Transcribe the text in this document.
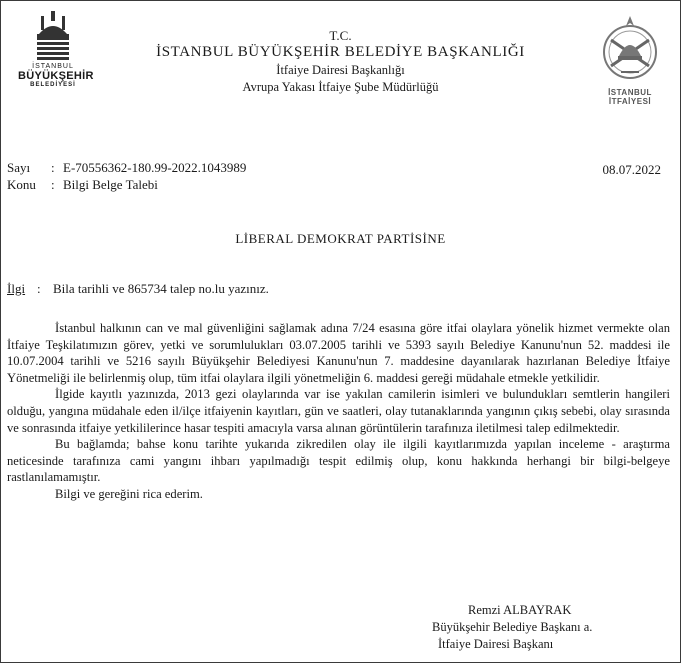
İSTANBUL
BÜYÜKŞEHİR
BELEDİYESİ
İSTANBUL
İTFAİYESİ
T.C.
İSTANBUL BÜYÜKŞEHİR BELEDİYE BAŞKANLIĞI
İtfaiye Dairesi Başkanlığı
Avrupa Yakası İtfaiye Şube Müdürlüğü
Sayı : E-70556362-180.99-2022.1043989
Konu : Bilgi Belge Talebi
08.07.2022
LİBERAL DEMOKRAT PARTİSİNE
İlgi : Bila tarihli ve 865734 talep no.lu yazınız.

İstanbul halkının can ve mal güvenliğini sağlamak adına 7/24 esasına göre itfai olaylara yönelik hizmet vermekte olan İtfaiye Teşkilatımızın görev, yetki ve sorumlulukları 03.07.2005 tarihli ve 5393 sayılı Belediye Kanunu'nun 52. maddesi ile 10.07.2004 tarihli ve 5216 sayılı Büyükşehir Belediyesi Kanunu'nun 7. maddesine dayanılarak hazırlanan Belediye İtfaiye Yönetmeliği ile belirlenmiş olup, tüm itfai olaylara ilgili yönetmeliğin 6. maddesi gereği müdahale etmekle yetkilidir.

İlgide kayıtlı yazınızda, 2013 gezi olaylarında var ise yakılan camilerin isimleri ve bulundukları semtlerin hangileri olduğu, yangına müdahale eden il/ilçe itfaiyenin kayıtları, gün ve saatleri, olay tutanaklarında yangının çıkış sebebi, olay sırasında ve sonrasında itfaiye yetkililerince hasar tespiti amacıyla varsa alınan görüntülerin tarafınıza iletilmesi talep edilmektedir.

Bu bağlamda; bahse konu tarihte yukarıda zikredilen olay ile ilgili kayıtlarımızda yapılan inceleme - araştırma neticesinde tarafınıza cami yangını ihbarı yapılmadığı tespit edilmiş olup, konu hakkında herhangi bir bilgi-belgeye rastlanılamamıştır.

Bilgi ve gereğini rica ederim.

Remzi ALBAYRAK
Büyükşehir Belediye Başkanı a.
İtfaiye Dairesi Başkanı
